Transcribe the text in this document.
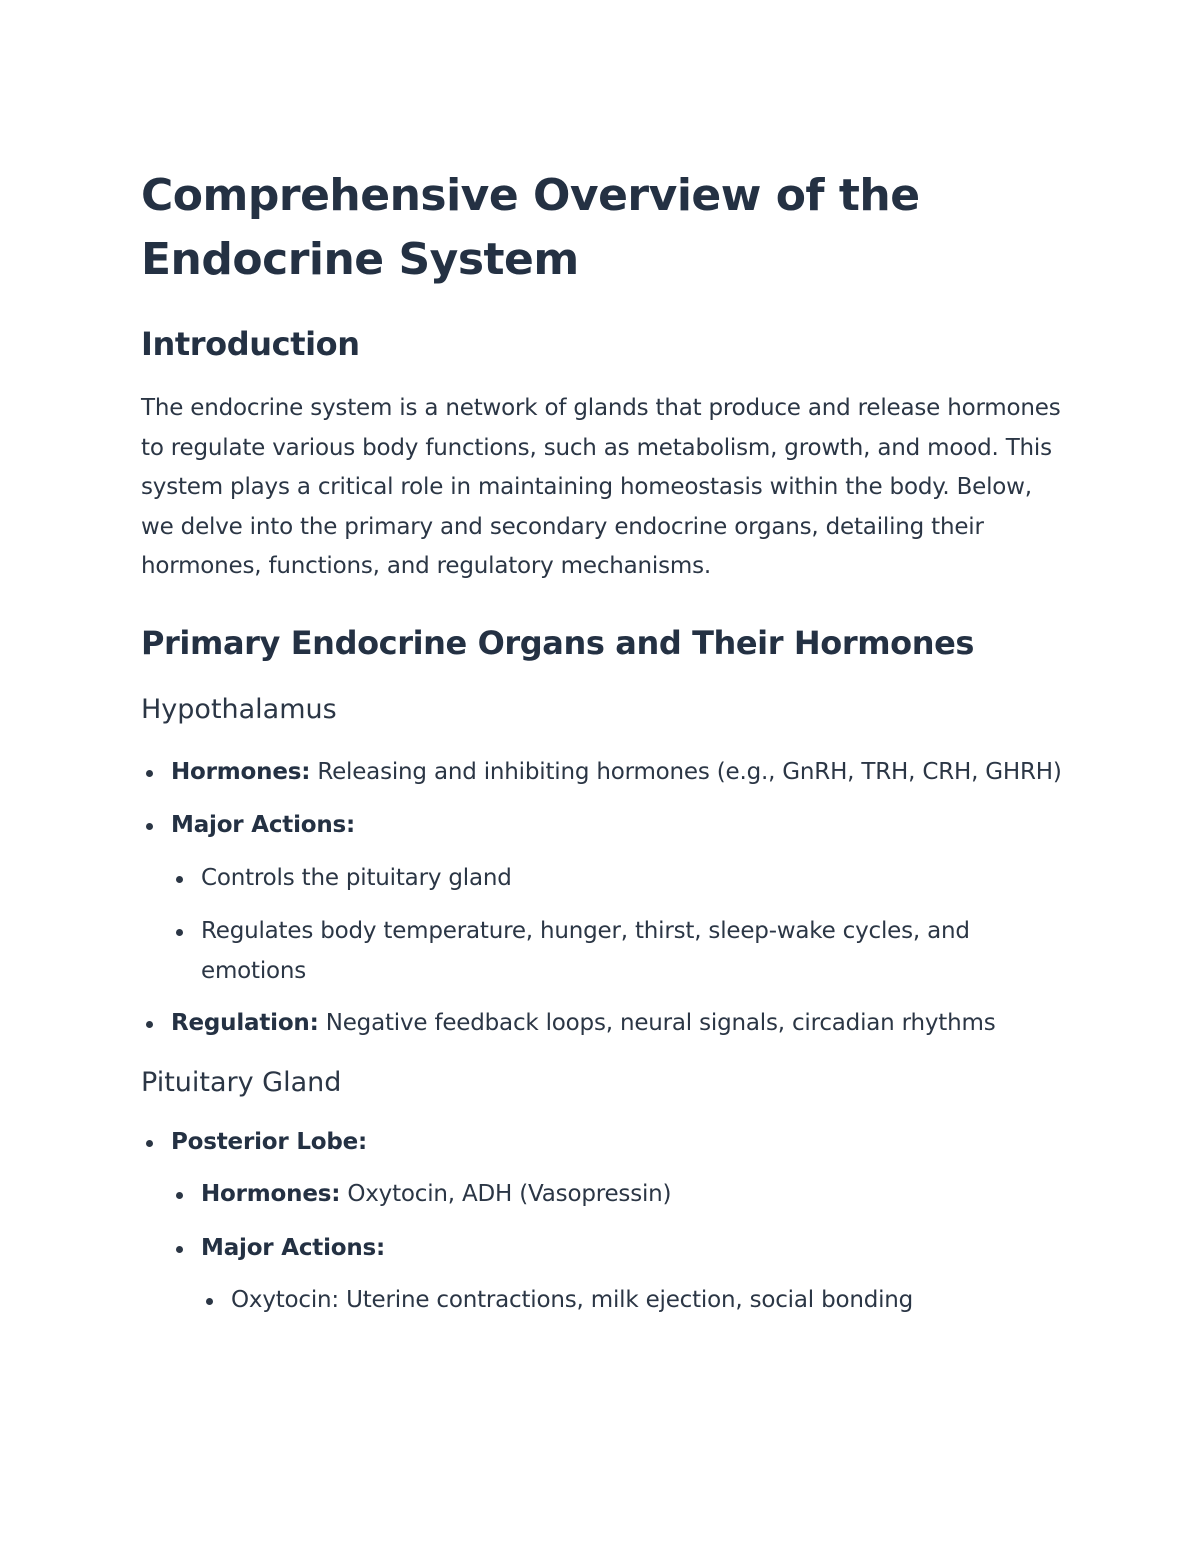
Comprehensive Overview of the Endocrine System
Introduction

The endocrine system is a network of glands that produce and release hormones to regulate various body functions, such as metabolism, growth, and mood. This system plays a critical role in maintaining homeostasis within the body. Below, we delve into the primary and secondary endocrine organs, detailing their hormones, functions, and regulatory mechanisms.

Primary Endocrine Organs and Their Hormones
Hypothalamus
Hormones: Releasing and inhibiting hormones (e.g., GnRH, TRH, CRH, GHRH)
Major Actions:
Controls the pituitary gland
Regulates body temperature, hunger, thirst, sleep-wake cycles, and emotions
Regulation: Negative feedback loops, neural signals, circadian rhythms
Pituitary Gland
Posterior Lobe:
Hormones: Oxytocin, ADH (Vasopressin)
Major Actions:
Oxytocin: Uterine contractions, milk ejection, social bonding
